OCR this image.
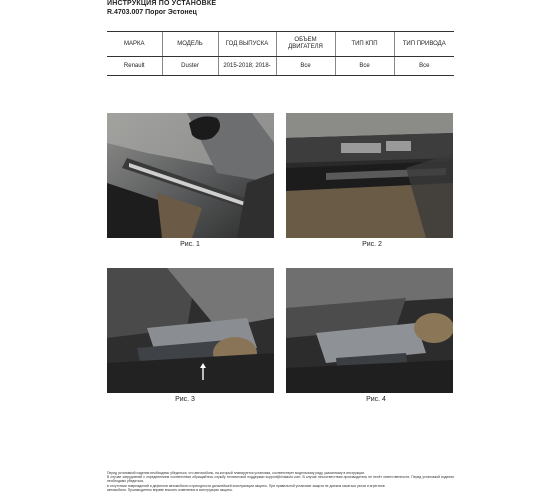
ИНСТРУКЦИЯ ПО УСТАНОВКЕ
R.4703.007 Порог Эстонец
МАРКА	МОДЕЛЬ	ГОД ВЫПУСКА	ОБЪЕМ ДВИГАТЕЛЯ	ТИП КПП	ТИП ПРИВОДА
Renault	Duster	2015-2018; 2018-	Все	Все	Все
Рис. 1	Рис. 2
Рис. 3	Рис. 4
Перед установкой изделия необходимо убедиться, что автомобиль, на который планируется установка, соответствует модельному ряду, указанному в инструкции.
В случае затруднений с определением соответствия обращайтесь службу технической поддержки support@rivalauto.com. В случае несоответствия производитель не несёт ответственности. Перед установкой изделия необходимо убедиться,
в отсутствии повреждений и дефектов автомобиля и пригодности дальнейшей эксплуатации защиты. При правильной установке защита не должна касаться узлов и агрегатов
автомобиля. Производитель вправе вносить изменения в конструкцию защиты.
